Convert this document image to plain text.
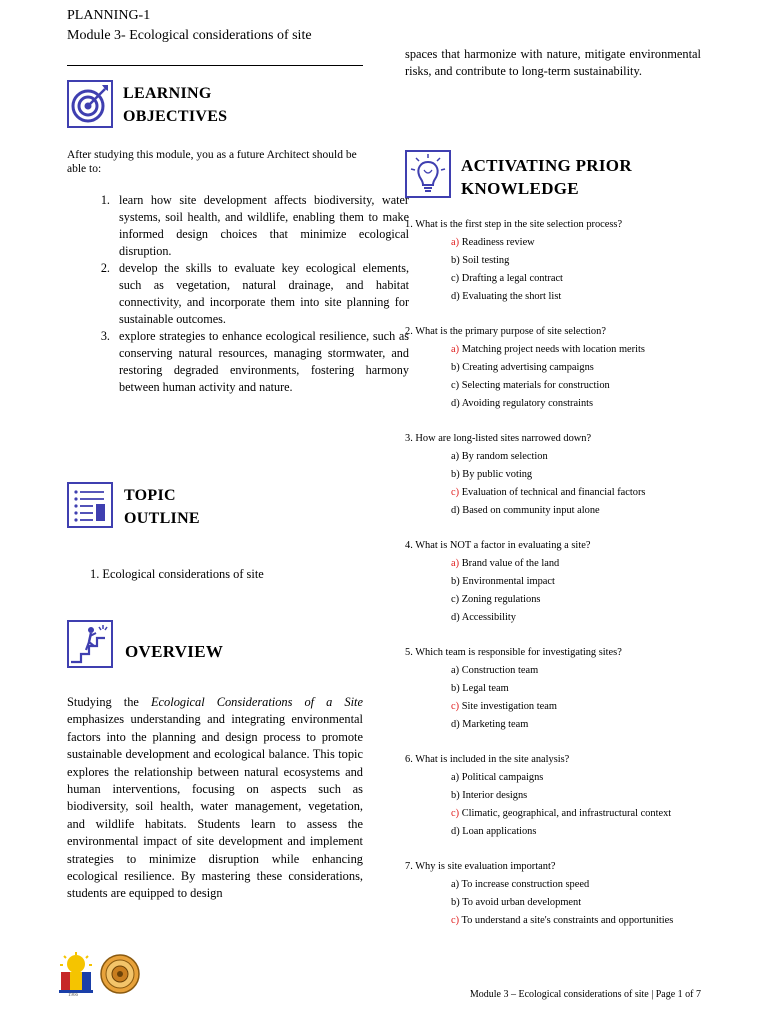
PLANNING-1
Module 3- Ecological considerations of site
LEARNING
OBJECTIVES
After studying this module, you as a future Architect should be able to:
1. learn how site development affects biodiversity, water systems, soil health, and wildlife, enabling them to make informed design choices that minimize ecological disruption.
2. develop the skills to evaluate key ecological elements, such as vegetation, natural drainage, and habitat connectivity, and incorporate them into site planning for sustainable outcomes.
3. explore strategies to enhance ecological resilience, such as conserving natural resources, managing stormwater, and restoring degraded environments, fostering harmony between human activity and nature.
TOPIC
OUTLINE
1. Ecological considerations of site
OVERVIEW
Studying the Ecological Considerations of a Site emphasizes understanding and integrating environmental factors into the planning and design process to promote sustainable development and ecological balance. This topic explores the relationship between natural ecosystems and human interventions, focusing on aspects such as biodiversity, soil health, water management, vegetation, and wildlife habitats. Students learn to assess the environmental impact of site development and implement strategies to minimize disruption while enhancing ecological resilience. By mastering these considerations, students are equipped to design
spaces that harmonize with nature, mitigate environmental risks, and contribute to long-term sustainability.
ACTIVATING PRIOR
KNOWLEDGE
1. What is the first step in the site selection process?
a) Readiness review
b) Soil testing
c) Drafting a legal contract
d) Evaluating the short list
2. What is the primary purpose of site selection?
a) Matching project needs with location merits
b) Creating advertising campaigns
c) Selecting materials for construction
d) Avoiding regulatory constraints
3. How are long-listed sites narrowed down?
a) By random selection
b) By public voting
c) Evaluation of technical and financial factors
d) Based on community input alone
4. What is NOT a factor in evaluating a site?
a) Brand value of the land
b) Environmental impact
c) Zoning regulations
d) Accessibility
5. Which team is responsible for investigating sites?
a) Construction team
b) Legal team
c) Site investigation team
d) Marketing team
6. What is included in the site analysis?
a) Political campaigns
b) Interior designs
c) Climatic, geographical, and infrastructural context
d) Loan applications
7. Why is site evaluation important?
a) To increase construction speed
b) To avoid urban development
c) To understand a site's constraints and opportunities
1966	Module 3 – Ecological considerations of site | Page 1 of 7
